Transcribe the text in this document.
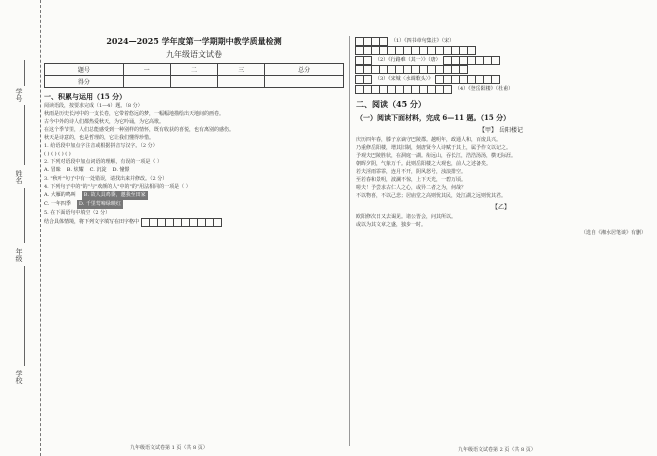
学号
姓名
年级
学校
2024—2025 学年度第一学期期中教学质量检测
九年级语文试卷
题号	一	二	三	总分
得分				
一、积累与运用（15 分）

阅读语段，按要求完成（1—4）题。（8 分）

秋雨是历史长河中的一支长卷，它带着悠远的梦，一幅幅地描绘出天地间的画卷。

古今中外的诗人们都热爱秋天，为它吟诵，为它高歌。

在这个季节里，人们总能感受到一种别样的情怀，既有收获的喜悦，也有离别的感伤。

秋天是诗意的，也是哲理的，它让我们懂得珍惜。

1. 给语段中加点字注音或根据拼音写汉字。（2 分）

( ) ( ) ( ) ( )

2. 下列对语段中加点词语的理解，有误的一项是（ ）

A. 冒昧 B. 炫耀 C. 沉淀 D. 憧憬

3. "秋叶"句子中有一处错误，请找出来并修改。（2 分）

4. 下列句子中的"的"与"欢颜的人"中的"的"用法相同的一项是（ ）

A. 大雁的鸣叫	B. 故人具鸡黍，邀我至田家
C. 一年四季	D. 千里莺啼绿映红

5. 在下面语句中填空（2 分）

结合具体情境，将下列文字填写在田字格中
九年级语文试卷第 1 页（共 8 页）
（1）《四书章句集注》（宋）
（2）《行路难（其一）》（唐）
（3）《宋城〈水调歌头〉》
（4）《登岳阳楼》（杜甫）
二、阅读（45 分）
（一）阅读下面材料，完成 6—11 题。（15 分）
【甲】 岳阳楼记

庆历四年春，滕子京谪守巴陵郡。越明年，政通人和，百废具兴。

乃重修岳阳楼，增其旧制，刻唐贤今人诗赋于其上，属予作文以记之。

予观夫巴陵胜状，在洞庭一湖。衔远山，吞长江，浩浩汤汤，横无际涯。

朝晖夕阴，气象万千。此则岳阳楼之大观也，前人之述备矣。

若夫淫雨霏霏，连月不开，阴风怒号，浊浪排空。

至若春和景明，波澜不惊，上下天光，一碧万顷。

嗟夫！予尝求古仁人之心，或异二者之为，何哉？

不以物喜，不以己悲；居庙堂之高则忧其民，处江湖之远则忧其君。

【乙】

欧阳修次日又去谒见。诸公皆会，问其所以。

或以为其文章之盛，独步一时。

（选自《湘水居笔谈》有删）

九年级语文试卷第 2 页（共 8 页）
